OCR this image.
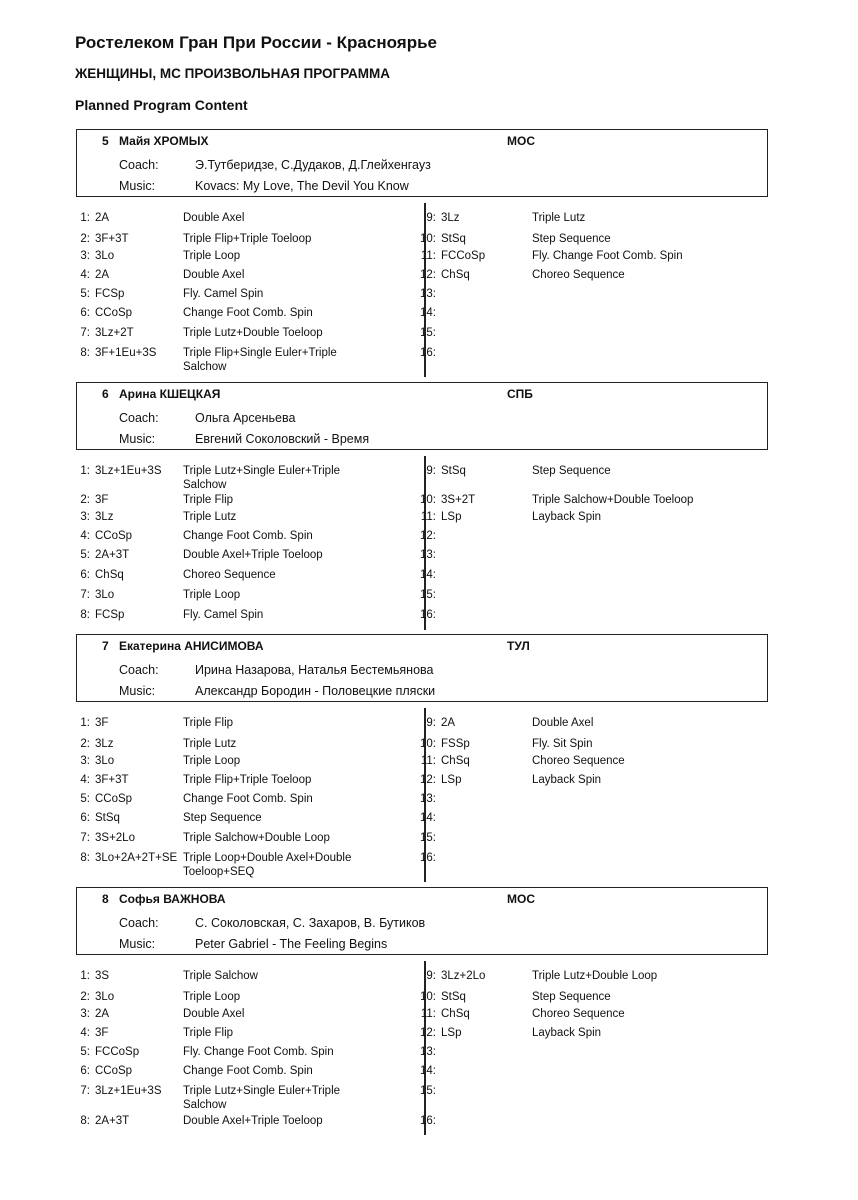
Ростелеком Гран При России - Красноярье
ЖЕНЩИНЫ, МС ПРОИЗВОЛЬНАЯ ПРОГРАММА
Planned Program Content
5 Майя ХРОМЫХ	МОС
Coach:	Э.Тутберидзе, С.Дудаков, Д.Глейхенгауз
Music:	Kovacs: My Love, The Devil You Know
1: 2A	Double Axel
2: 3F+3T	Triple Flip+Triple Toeloop
3: 3Lo	Triple Loop
4: 2A	Double Axel
5: FCSp	Fly. Camel Spin
6: CCoSp	Change Foot Comb. Spin
7: 3Lz+2T	Triple Lutz+Double Toeloop
8: 3F+1Eu+3S Triple Flip+Single Euler+Triple Salchow
9: 3Lz	Triple Lutz
10: StSq	Step Sequence
11: FCCoSp	Fly. Change Foot Comb. Spin
12: ChSq	Choreo Sequence
13:
14:
15:
16:
6 Арина КШЕЦКАЯ	СПБ
Coach:	Ольга Арсеньева
Music:	Евгений Соколовский - Время
1: 3Lz+1Eu+3S Triple Lutz+Single Euler+Triple Salchow
2: 3F	Triple Flip
3: 3Lz	Triple Lutz
4: CCoSp	Change Foot Comb. Spin
5: 2A+3T	Double Axel+Triple Toeloop
6: ChSq	Choreo Sequence
7: 3Lo	Triple Loop
8: FCSp	Fly. Camel Spin
9: StSq	Step Sequence
10: 3S+2T	Triple Salchow+Double Toeloop
11: LSp	Layback Spin
12:
13:
14:
15:
16:
7 Екатерина АНИСИМОВА	ТУЛ
Coach:	Ирина Назарова, Наталья Бестемьянова
Music:	Александр Бородин - Половецкие пляски
1: 3F	Triple Flip
2: 3Lz	Triple Lutz
3: 3Lo	Triple Loop
4: 3F+3T	Triple Flip+Triple Toeloop
5: CCoSp	Change Foot Comb. Spin
6: StSq	Step Sequence
7: 3S+2Lo	Triple Salchow+Double Loop
8: 3Lo+2A+2T+SE Triple Loop+Double Axel+Double Toeloop+SEQ
9: 2A	Double Axel
10: FSSp	Fly. Sit Spin
11: ChSq	Choreo Sequence
12: LSp	Layback Spin
13:
14:
15:
16:
8 Софья ВАЖНОВА	МОС
Coach:	С. Соколовская, С. Захаров, В. Бутиков
Music:	Peter Gabriel - The Feeling Begins
1: 3S	Triple Salchow
2: 3Lo	Triple Loop
3: 2A	Double Axel
4: 3F	Triple Flip
5: FCCoSp	Fly. Change Foot Comb. Spin
6: CCoSp	Change Foot Comb. Spin
7: 3Lz+1Eu+3S Triple Lutz+Single Euler+Triple Salchow
8: 2A+3T	Double Axel+Triple Toeloop
9: 3Lz+2Lo	Triple Lutz+Double Loop
10: StSq	Step Sequence
11: ChSq	Choreo Sequence
12: LSp	Layback Spin
13:
14:
15:
16:
